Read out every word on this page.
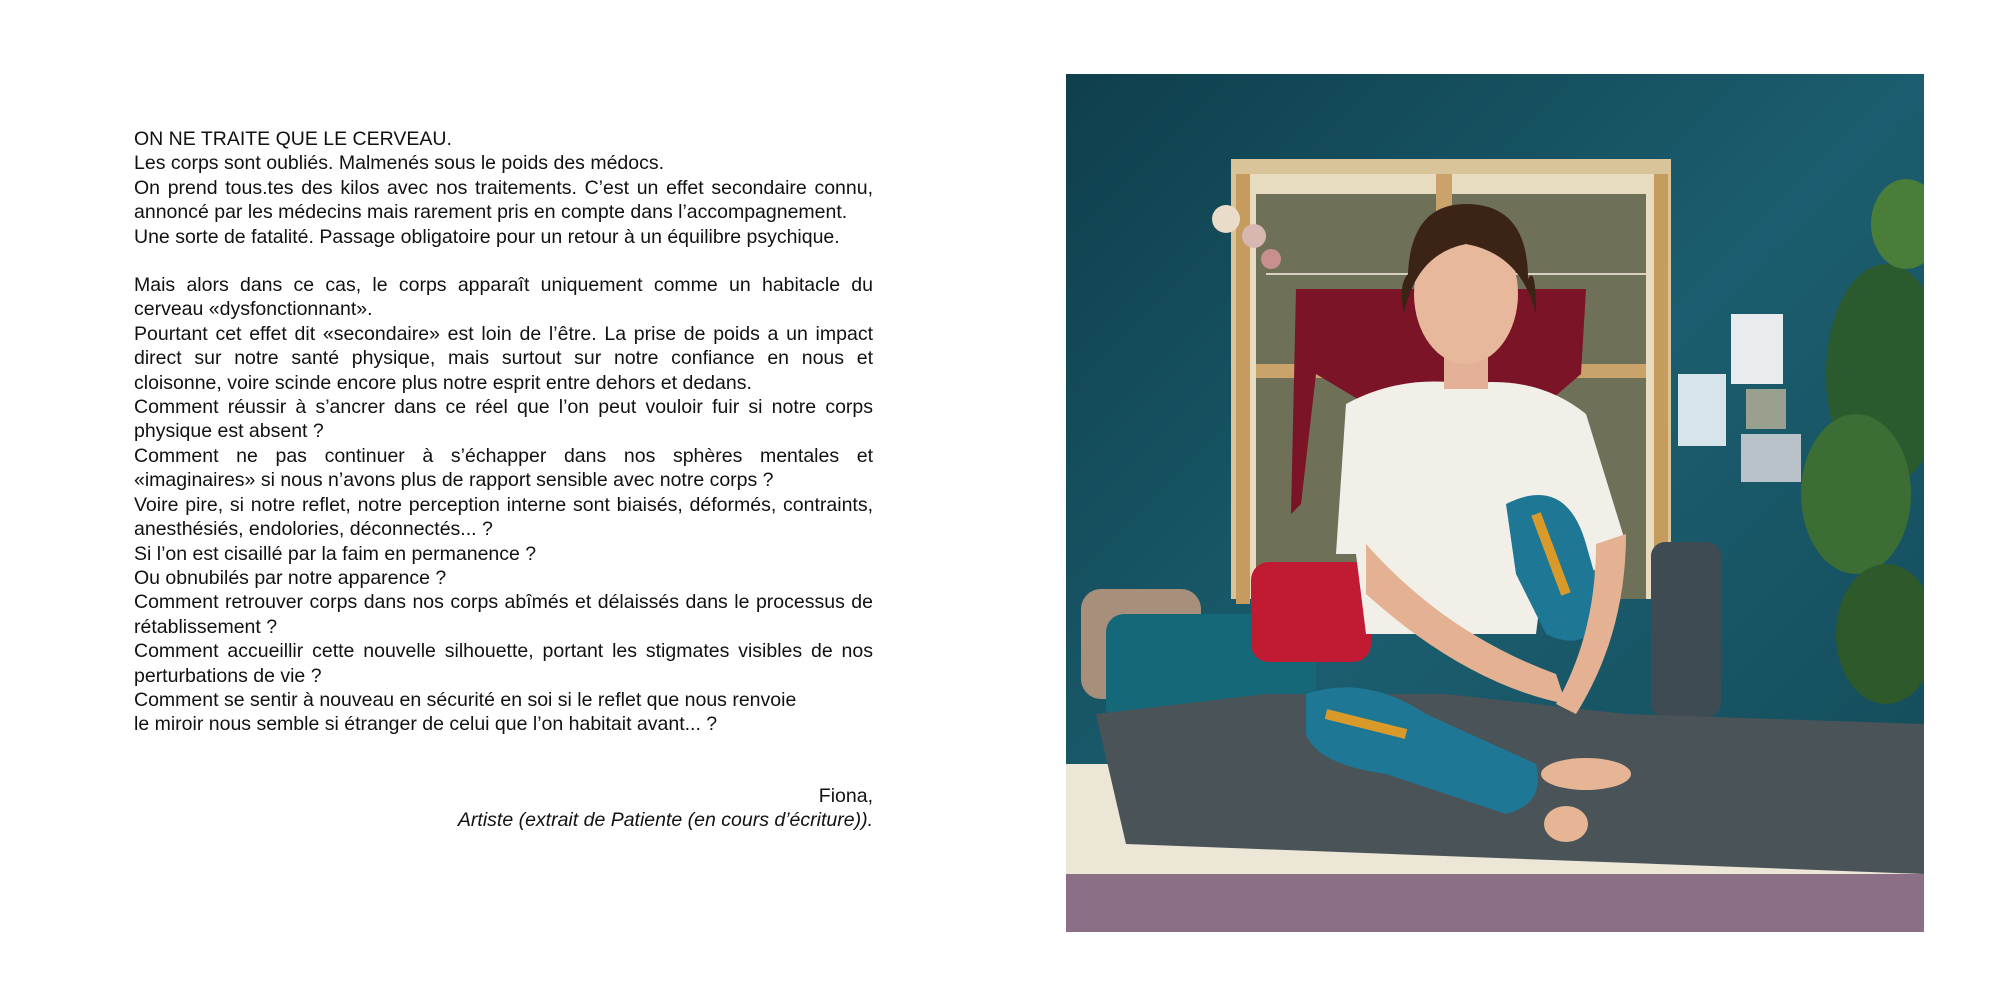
ON NE TRAITE QUE LE CERVEAU.

Les corps sont oubliés. Malmenés sous le poids des médocs.
On prend tous.tes des kilos avec nos traitements. C’est un effet secondaire connu, annoncé par les médecins mais rarement pris en compte dans l’accompagnement.
Une sorte de fatalité. Passage obligatoire pour un retour à un équilibre psychique.

Mais alors dans ce cas, le corps apparaît uniquement comme un habitacle du cerveau «dysfonctionnant».
Pourtant cet effet dit «secondaire» est loin de l’être. La prise de poids a un impact direct sur notre santé physique, mais surtout sur notre confiance en nous et cloisonne, voire scinde encore plus notre esprit entre dehors et dedans.
Comment réussir à s’ancrer dans ce réel que l’on peut vouloir fuir si notre corps physique est absent ?
Comment ne pas continuer à s’échapper dans nos sphères mentales et «imaginaires» si nous n’avons plus de rapport sensible avec notre corps ?
Voire pire, si notre reflet, notre perception interne sont biaisés, déformés, contraints, anesthésiés, endolories, déconnectés... ?
Si l’on est cisaillé par la faim en permanence ?
Ou obnubilés par notre apparence ?
Comment retrouver corps dans nos corps abîmés et délaissés dans le processus de rétablissement ?
Comment accueillir cette nouvelle silhouette, portant les stigmates visibles de nos perturbations de vie ?
Comment se sentir à nouveau en sécurité en soi si le reflet que nous renvoie
le miroir nous semble si étranger de celui que l’on habitait avant... ?

Fiona,
Artiste (extrait de Patiente (en cours d’écriture)).
